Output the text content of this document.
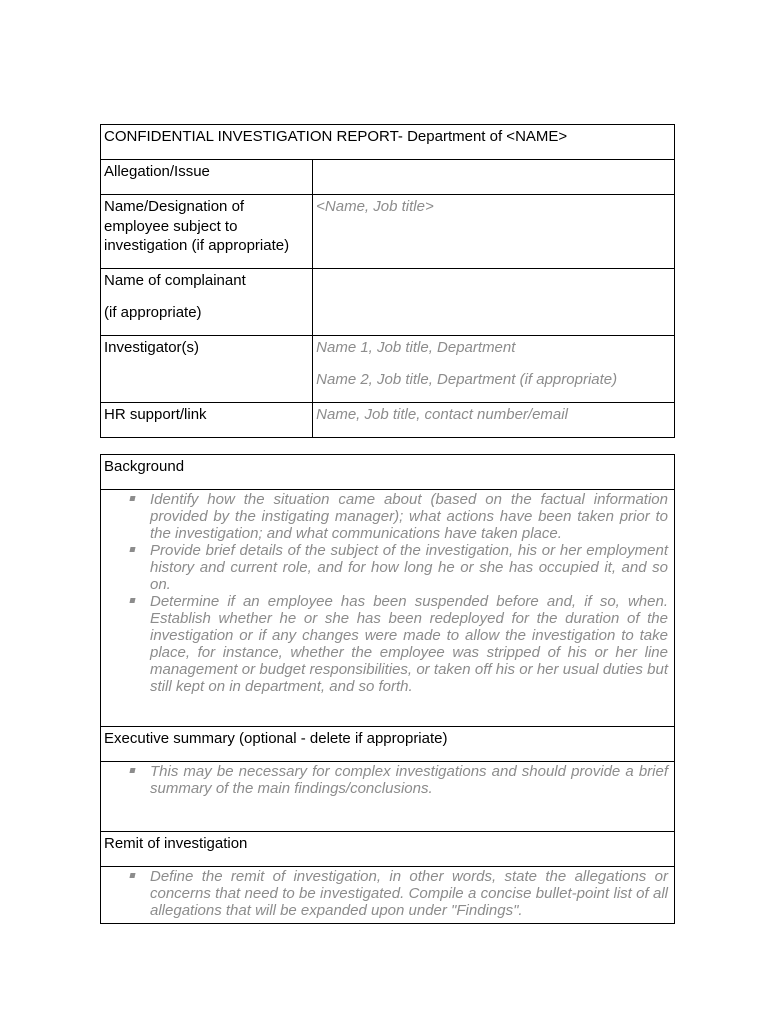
CONFIDENTIAL INVESTIGATION REPORT- Department of <NAME>	
Allegation/Issue	
Name/Designation of employee subject to investigation (if appropriate)	<Name, Job title>

Name of complainant
(if appropriate)	

Investigator(s)	Name 1, Job title, Department
Name 2, Job title, Department (if appropriate)

HR support/link	Name, Job title, contact number/email
Background

Identify how the situation came about (based on the factual information provided by the instigating manager); what actions have been taken prior to the investigation; and what communications have taken place.
Provide brief details of the subject of the investigation, his or her employment history and current role, and for how long he or she has occupied it, and so on.
Determine if an employee has been suspended before and, if so, when. Establish whether he or she has been redeployed for the duration of the investigation or if any changes were made to allow the investigation to take place, for instance, whether the employee was stripped of his or her line management or budget responsibilities, or taken off his or her usual duties but still kept on in department, and so forth.

Executive summary (optional - delete if appropriate)

This may be necessary for complex investigations and should provide a brief summary of the main findings/conclusions.

Remit of investigation

Define the remit of investigation, in other words, state the allegations or concerns that need to be investigated. Compile a concise bullet-point list of all allegations that will be expanded upon under "Findings".
